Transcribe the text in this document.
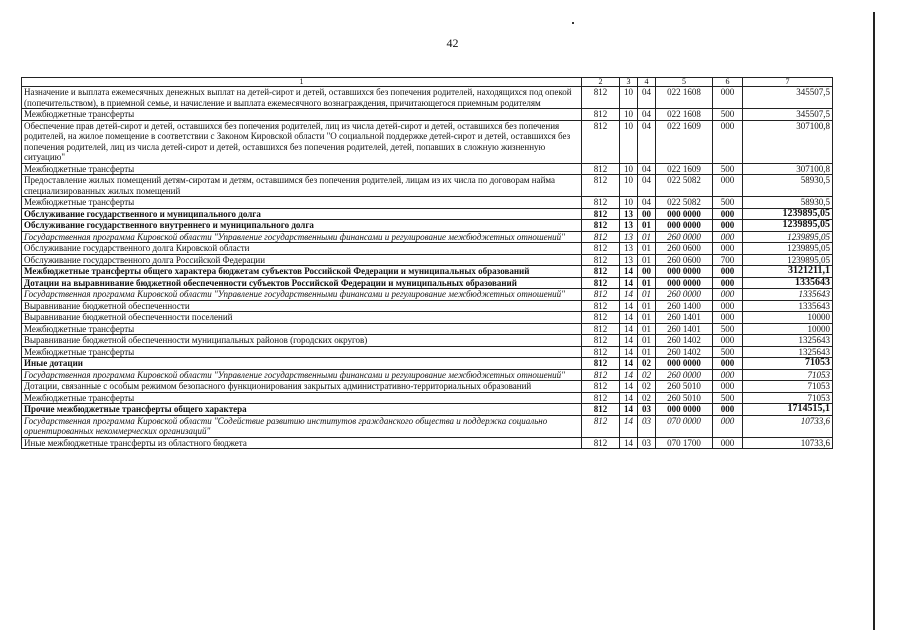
42
1	2	3	4	5	6	7
Назначение и выплата ежемесячных денежных выплат на детей-сирот и детей, оставшихся без попечения родителей, находящихся под опекой (попечительством), в приемной семье, и начисление и выплата ежемесячного вознаграждения, причитающегося приемным родителям	812	10	04	022 1608	000	345507,5
Межбюджетные трансферты	812	10	04	022 1608	500	345507,5
Обеспечение прав детей-сирот и детей, оставшихся без попечения родителей, лиц из числа детей-сирот и детей, оставшихся без попечения родителей, на жилое помещение в соответствии с Законом Кировской области "О социальной поддержке детей-сирот и детей, оставшихся без попечения родителей, лиц из числа детей-сирот и детей, оставшихся без попечения родителей, детей, попавших в сложную жизненную ситуацию"	812	10	04	022 1609	000	307100,8
Межбюджетные трансферты	812	10	04	022 1609	500	307100,8
Предоставление жилых помещений детям-сиротам и детям, оставшимся без попечения родителей, лицам из их числа по договорам найма специализированных жилых помещений	812	10	04	022 5082	000	58930,5
Межбюджетные трансферты	812	10	04	022 5082	500	58930,5
Обслуживание государственного и муниципального долга	812	13	00	000 0000	000	1239895,05
Обслуживание государственного внутреннего и муниципального долга	812	13	01	000 0000	000	1239895,05
Государственная программа Кировской области "Управление государственными финансами и регулирование межбюджетных отношений"	812	13	01	260 0000	000	1239895,05
Обслуживание государственного долга Кировской области	812	13	01	260 0600	000	1239895,05
Обслуживание государственного долга Российской Федерации	812	13	01	260 0600	700	1239895,05
Межбюджетные трансферты общего характера бюджетам субъектов Российской Федерации и муниципальных образований	812	14	00	000 0000	000	3121211,1
Дотации на выравнивание бюджетной обеспеченности субъектов Российской Федерации и муниципальных образований	812	14	01	000 0000	000	1335643
Государственная программа Кировской области "Управление государственными финансами и регулирование межбюджетных отношений"	812	14	01	260 0000	000	1335643
Выравнивание бюджетной обеспеченности	812	14	01	260 1400	000	1335643
Выравнивание бюджетной обеспеченности поселений	812	14	01	260 1401	000	10000
Межбюджетные трансферты	812	14	01	260 1401	500	10000
Выравнивание бюджетной обеспеченности муниципальных районов (городских округов)	812	14	01	260 1402	000	1325643
Межбюджетные трансферты	812	14	01	260 1402	500	1325643
Иные дотации	812	14	02	000 0000	000	71053
Государственная программа Кировской области "Управление государственными финансами и регулирование межбюджетных отношений"	812	14	02	260 0000	000	71053
Дотации, связанные с особым режимом безопасного функционирования закрытых административно-территориальных образований	812	14	02	260 5010	000	71053
Межбюджетные трансферты	812	14	02	260 5010	500	71053
Прочие межбюджетные трансферты общего характера	812	14	03	000 0000	000	1714515,1
Государственная программа Кировской области "Содействие развитию институтов гражданского общества и поддержка социально ориентированных некоммерческих организаций"	812	14	03	070 0000	000	10733,6
Иные межбюджетные трансферты из областного бюджета	812	14	03	070 1700	000	10733,6
